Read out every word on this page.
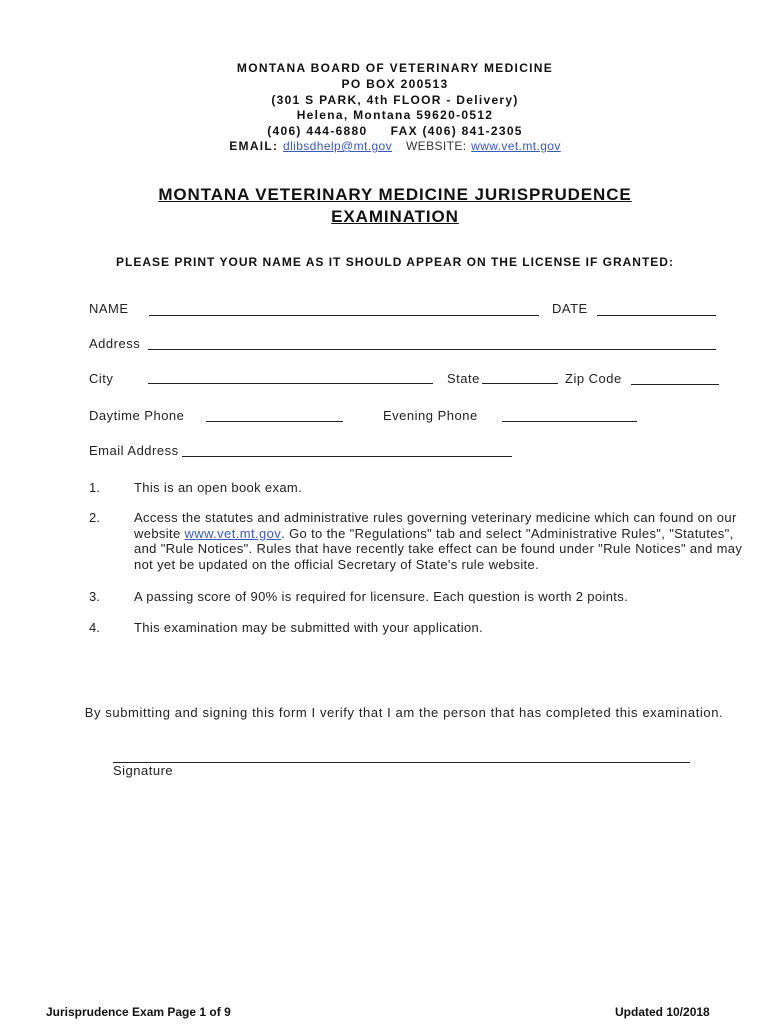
MONTANA BOARD OF VETERINARY MEDICINE
PO BOX 200513
(301 S PARK, 4th FLOOR - Delivery)
Helena, Montana 59620-0512
(406) 444-6880 FAX (406) 841-2305
EMAIL: dlibsdhelp@mt.gov WEBSITE: www.vet.mt.gov
MONTANA VETERINARY MEDICINE JURISPRUDENCE
EXAMINATION
PLEASE PRINT YOUR NAME AS IT SHOULD APPEAR ON THE LICENSE IF GRANTED:
NAME	DATE
Address
City	State	Zip Code
Daytime Phone	Evening Phone
Email Address
1.	This is an open book exam.
2.	Access the statutes and administrative rules governing veterinary medicine which can found on our website www.vet.mt.gov. Go to the "Regulations" tab and select "Administrative Rules", "Statutes", and "Rule Notices". Rules that have recently take effect can be found under "Rule Notices" and may not yet be updated on the official Secretary of State's rule website.
3.	A passing score of 90% is required for licensure. Each question is worth 2 points.
4.	This examination may be submitted with your application.
By submitting and signing this form I verify that I am the person that has completed this examination.
Signature
Jurisprudence Exam Page 1 of 9	Updated 10/2018
